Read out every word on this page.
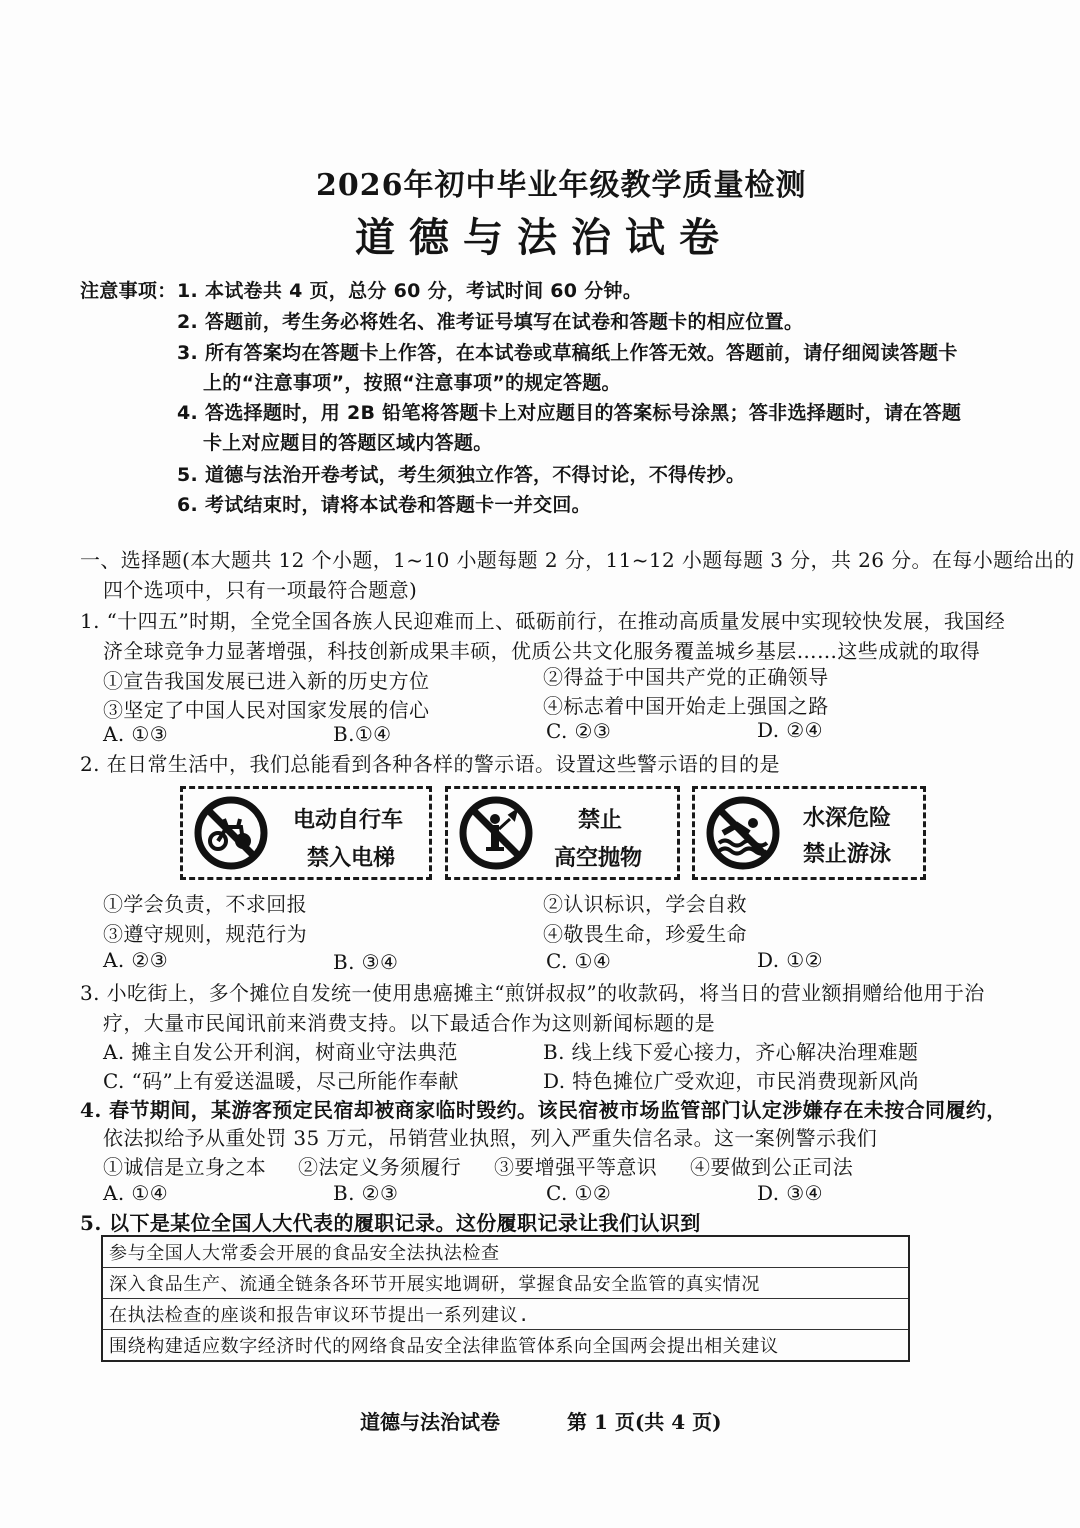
2026年初中毕业年级教学质量检测
道德与法治试卷
注意事项： 1. 本试卷共 4 页，总分 60 分，考试时间 60 分钟。
2. 答题前，考生务必将姓名、准考证号填写在试卷和答题卡的相应位置。
3. 所有答案均在答题卡上作答，在本试卷或草稿纸上作答无效。答题前，请仔细阅读答题卡
上的“注意事项”，按照“注意事项”的规定答题。
4. 答选择题时，用 2B 铅笔将答题卡上对应题目的答案标号涂黑；答非选择题时，请在答题
卡上对应题目的答题区域内答题。
5. 道德与法治开卷考试，考生须独立作答，不得讨论，不得传抄。
6. 考试结束时，请将本试卷和答题卡一并交回。
一、选择题(本大题共 12 个小题，1~10 小题每题 2 分，11~12 小题每题 3 分，共 26 分。在每小题给出的
四个选项中，只有一项最符合题意)
1. “十四五”时期，全党全国各族人民迎难而上、砥砺前行，在推动高质量发展中实现较快发展，我国经
济全球竞争力显著增强，科技创新成果丰硕，优质公共文化服务覆盖城乡基层……这些成就的取得
①宣告我国发展已进入新的历史方位	②得益于中国共产党的正确领导
③坚定了中国人民对国家发展的信心	④标志着中国开始走上强国之路
A. ①③	B.①④	C. ②③	D. ②④
2. 在日常生活中，我们总能看到各种各样的警示语。设置这些警示语的目的是
电动自行车
禁入电梯
禁止
高空抛物
水深危险
禁止游泳
①学会负责，不求回报	②认识标识，学会自救
③遵守规则，规范行为	④敬畏生命，珍爱生命
A. ②③	B. ③④	C. ①④	D. ①②
3. 小吃街上，多个摊位自发统一使用患癌摊主“煎饼叔叔”的收款码，将当日的营业额捐赠给他用于治
疗，大量市民闻讯前来消费支持。以下最适合作为这则新闻标题的是
A. 摊主自发公开利润，树商业守法典范	B. 线上线下爱心接力，齐心解决治理难题
C. “码”上有爱送温暖，尽己所能作奉献	D. 特色摊位广受欢迎，市民消费现新风尚
4. 春节期间，某游客预定民宿却被商家临时毁约。该民宿被市场监管部门认定涉嫌存在未按合同履约，
依法拟给予从重处罚 35 万元，吊销营业执照，列入严重失信名录。这一案例警示我们
①诚信是立身之本 ②法定义务须履行 ③要增强平等意识 ④要做到公正司法
A. ①④	B. ②③	C. ①②	D. ③④
5. 以下是某位全国人大代表的履职记录。这份履职记录让我们认识到
参与全国人大常委会开展的食品安全法执法检查
深入食品生产、流通全链条各环节开展实地调研，掌握食品安全监管的真实情况
在执法检查的座谈和报告审议环节提出一系列建议.
围绕构建适应数字经济时代的网络食品安全法律监管体系向全国两会提出相关建议
道德与法治试卷	第 1 页(共 4 页)
